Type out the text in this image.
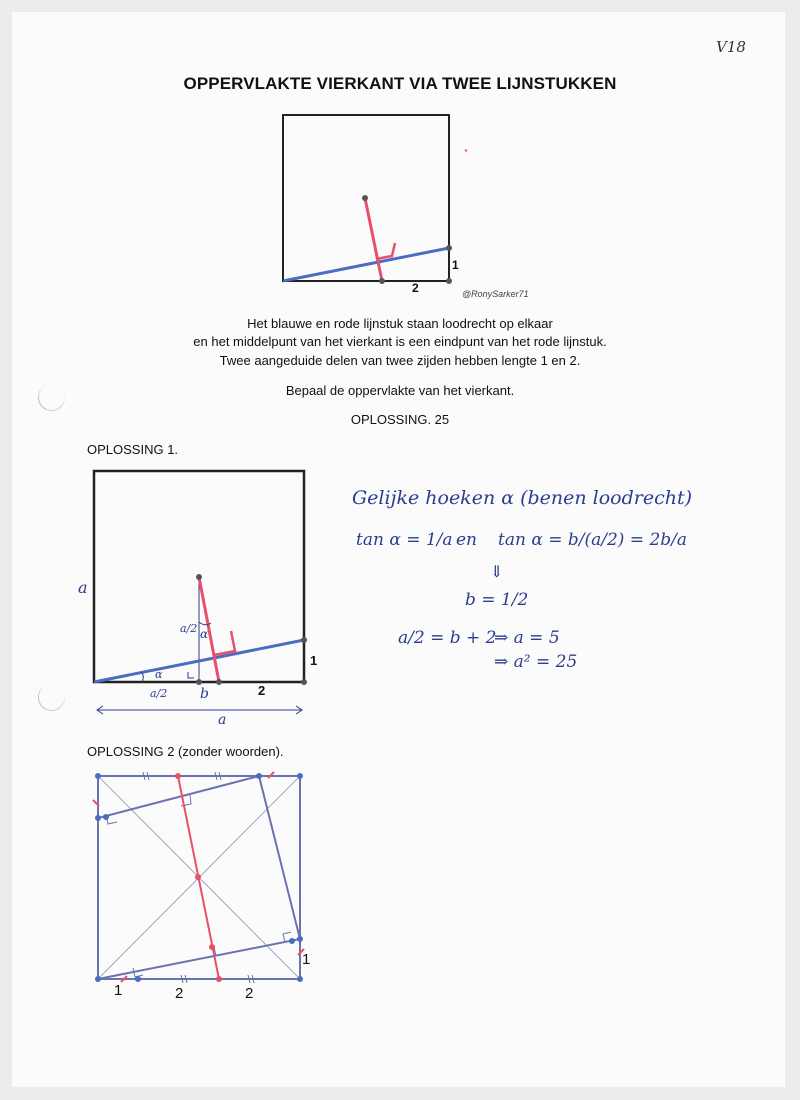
V18
OPPERVLAKTE VIERKANT VIA TWEE LIJNSTUKKEN
1
2	@RonySarker71
Het blauwe en rode lijnstuk staan loodrecht op elkaar
en het middelpunt van het vierkant is een eindpunt van het rode lijnstuk.
Twee aangeduide delen van twee zijden hebben lengte 1 en 2.
Bepaal de oppervlakte van het vierkant.
OPLOSSING. 25
OPLOSSING 1.
a
a/2
a/2 b
α
α
a
1
2
Gelijke hoeken α (benen loodrecht)
tan α = 1/a en tan α = b/(a/2) = 2b/a
⇓
b = 1/2
a/2 = b + 2
⇒ a = 5
⇒ a² = 25
OPLOSSING 2 (zonder woorden).
1	2	2
1
